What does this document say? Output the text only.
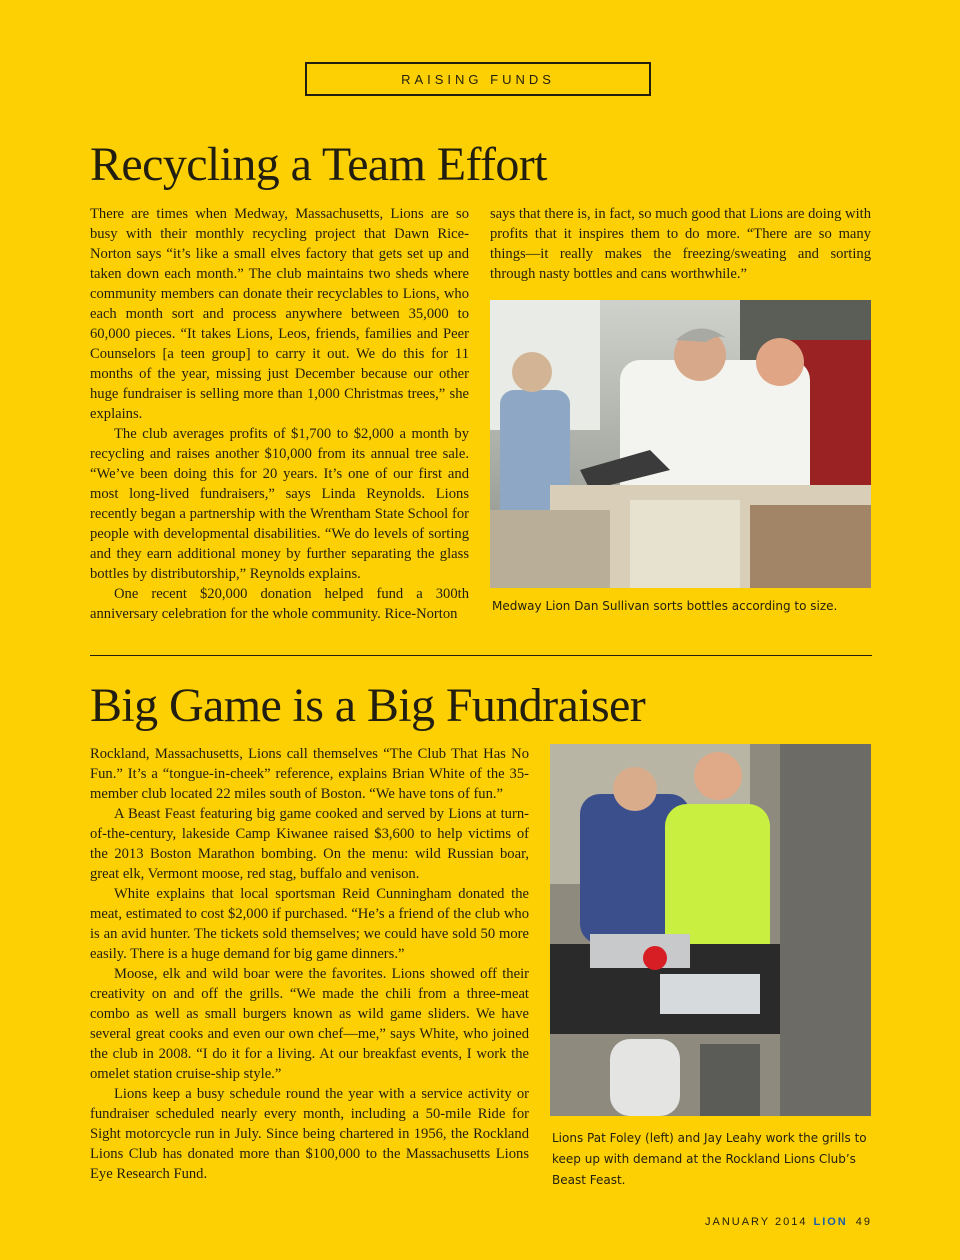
RAISING FUNDS
Recycling a Team Effort

There are times when Medway, Massachusetts, Lions are so busy with their monthly recycling project that Dawn Rice-Norton says “it’s like a small elves factory that gets set up and taken down each month.” The club maintains two sheds where community members can donate their recyclables to Lions, who each month sort and process anywhere between 35,000 to 60,000 pieces. “It takes Lions, Leos, friends, families and Peer Counselors [a teen group] to carry it out. We do this for 11 months of the year, missing just December because our other huge fundraiser is selling more than 1,000 Christmas trees,” she explains.

The club averages profits of $1,700 to $2,000 a month by recycling and raises another $10,000 from its annual tree sale. “We’ve been doing this for 20 years. It’s one of our first and most long-lived fundraisers,” says Linda Reynolds. Lions recently began a partnership with the Wrentham State School for people with developmental disabilities. “We do levels of sorting and they earn additional money by further separating the glass bottles by distributorship,” Reynolds explains.

One recent $20,000 donation helped fund a 300th anniversary celebration for the whole community. Rice-Norton

says that there is, in fact, so much good that Lions are doing with profits that it inspires them to do more. “There are so many things—it really makes the freezing/sweating and sorting through nasty bottles and cans worthwhile.”

Medway Lion Dan Sullivan sorts bottles according to size.
Big Game is a Big Fundraiser

Rockland, Massachusetts, Lions call themselves “The Club That Has No Fun.” It’s a “tongue-in-cheek” reference, explains Brian White of the 35-member club located 22 miles south of Boston. “We have tons of fun.”

A Beast Feast featuring big game cooked and served by Lions at turn-of-the-century, lakeside Camp Kiwanee raised $3,600 to help victims of the 2013 Boston Marathon bombing. On the menu: wild Russian boar, great elk, Vermont moose, red stag, buffalo and venison.

White explains that local sportsman Reid Cunningham donated the meat, estimated to cost $2,000 if purchased. “He’s a friend of the club who is an avid hunter. The tickets sold themselves; we could have sold 50 more easily. There is a huge demand for big game dinners.”

Moose, elk and wild boar were the favorites. Lions showed off their creativity on and off the grills. “We made the chili from a three-meat combo as well as small burgers known as wild game sliders. We have several great cooks and even our own chef—me,” says White, who joined the club in 2008. “I do it for a living. At our breakfast events, I work the omelet station cruise-ship style.”

Lions keep a busy schedule round the year with a service activity or fundraiser scheduled nearly every month, including a 50-mile Ride for Sight motorcycle run in July. Since being chartered in 1956, the Rockland Lions Club has donated more than $100,000 to the Massachusetts Lions Eye Research Fund.

Lions Pat Foley (left) and Jay Leahy work the grills to keep up with demand at the Rockland Lions Club’s Beast Feast.
JANUARY 2014 LION 49
